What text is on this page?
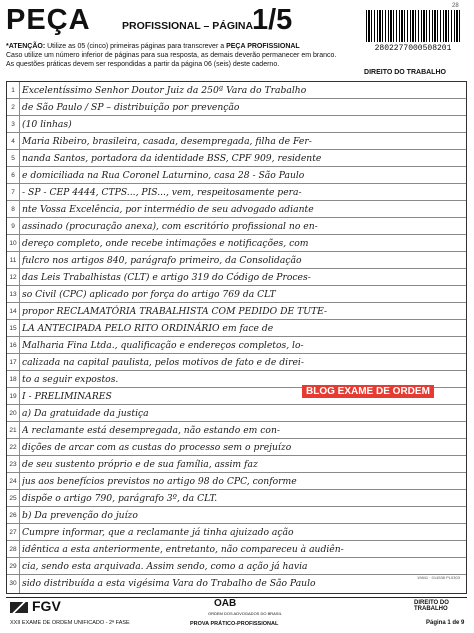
PEÇA	PROFISSIONAL – PÁGINA
1/5	28
2802277000508201
*ATENÇÃO: Utilize as 05 (cinco) primeiras páginas para transcrever a PEÇA PROFISSIONAL
Caso utilize um número inferior de páginas para sua resposta, as demais deverão permanecer em branco.
As questões práticas devem ser respondidas a partir da página 06 (seis) deste caderno.
DIREITO DO TRABALHO
1 Excelentíssimo Senhor Doutor Juiz da 250ª Vara do Trabalho
2 de São Paulo / SP – distribuição por prevenção
3 (10 linhas)
4 Maria Ribeiro, brasileira, casada, desempregada, filha de Fer-
5 nanda Santos, portadora da identidade BSS, CPF 909, residente
6 e domiciliada na Rua Coronel Laturnino, casa 28 - São Paulo
7 - SP - CEP 4444, CTPS..., PIS..., vem, respeitosamente pera-
8 nte Vossa Excelência, por intermédio de seu advogado adiante
9 assinado (procuração anexa), com escritório profissional no en-
10 dereço completo, onde recebe intimações e notificações, com
11 fulcro nos artigos 840, parágrafo primeiro, da Consolidação
12 das Leis Trabalhistas (CLT) e artigo 319 do Código de Proces-
13 so Civil (CPC) aplicado por força do artigo 769 da CLT
14 propor RECLAMATÓRIA TRABALHISTA COM PEDIDO DE TUTE-
15 LA ANTECIPADA PELO RITO ORDINÁRIO em face de
16 Malharia Fina Ltda., qualificação e endereços completos, lo-
17 calizada na capital paulista, pelos motivos de fato e de direi-
18 to a seguir expostos.
19 I - PRELIMINARES
20 a) Da gratuidade da justiça
21 A reclamante está desempregada, não estando em con-
22 dições de arcar com as custas do processo sem o prejuízo
23 de seu sustento próprio e de sua família, assim faz
24 jus aos benefícios previstos no artigo 98 do CPC, conforme
25 dispõe o artigo 790, parágrafo 3º, da CLT.
26 b) Da prevenção do juízo
27 Cumpre informar, que a reclamante já tinha ajuizado ação
28 idêntica a esta anteriormente, entretanto, não compareceu à audiên-
29 cia, sendo esta arquivada. Assim sendo, como a ação já havia
30 sido distribuída a esta vigésima Vara do Trabalho de São Paulo
BLOG EXAME DE ORDEM
19841 · 014538 PL0303
FGV
XXII EXAME DE ORDEM UNIFICADO - 2ª FASE
OAB
ORDEM DOS ADVOGADOS DO BRASIL
PROVA PRÁTICO-PROFISSIONAL
DIREITO DO TRABALHO
Página 1 de 9
